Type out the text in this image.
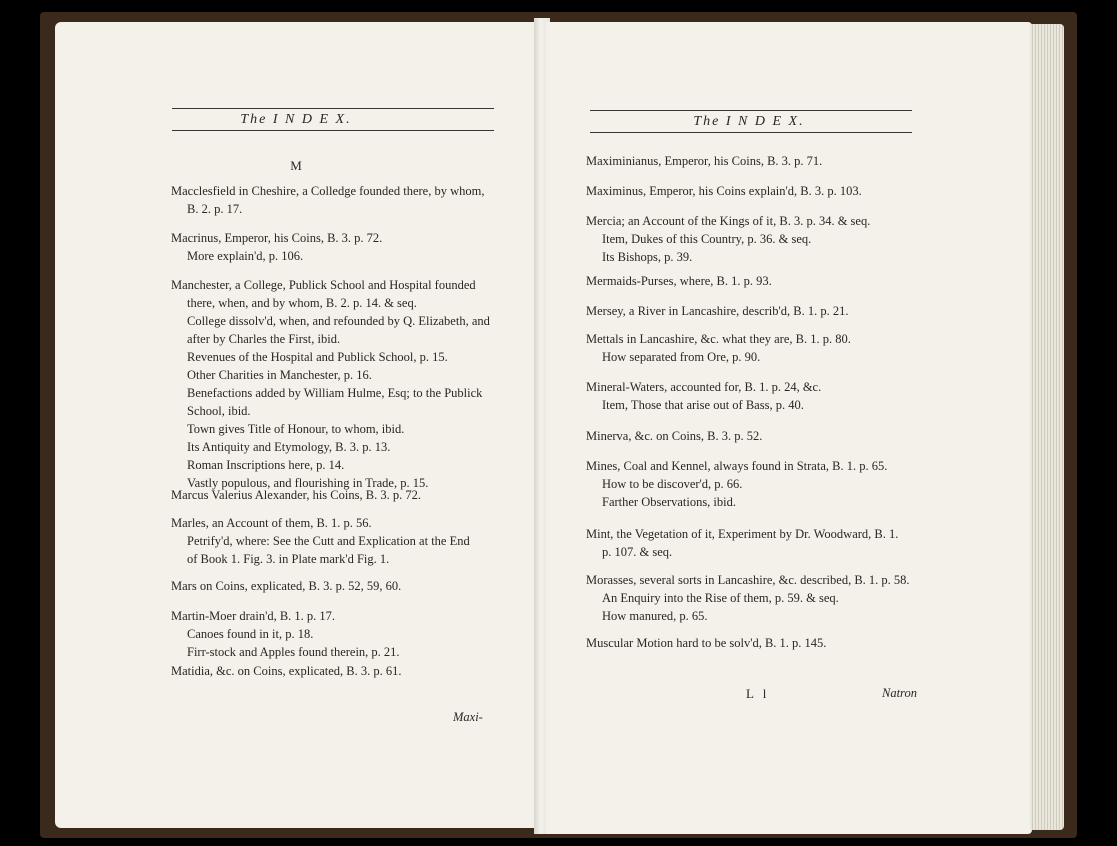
The I N D E X.
M
Macclesfield in Cheshire, a Colledge founded there, by whom,
B. 2. p. 17.
Macrinus, Emperor, his Coins, B. 3. p. 72.
More explain'd, p. 106.
Manchester, a College, Publick School and Hospital founded
there, when, and by whom, B. 2. p. 14. & seq.
College dissolv'd, when, and refounded by Q. Elizabeth, and
after by Charles the First, ibid.
Revenues of the Hospital and Publick School, p. 15.
Other Charities in Manchester, p. 16.
Benefactions added by William Hulme, Esq; to the Publick
School, ibid.
Town gives Title of Honour, to whom, ibid.
Its Antiquity and Etymology, B. 3. p. 13.
Roman Inscriptions here, p. 14.
Vastly populous, and flourishing in Trade, p. 15.
Marcus Valerius Alexander, his Coins, B. 3. p. 72.
Marles, an Account of them, B. 1. p. 56.
Petrify'd, where: See the Cutt and Explication at the End
of Book 1. Fig. 3. in Plate mark'd Fig. 1.
Mars on Coins, explicated, B. 3. p. 52, 59, 60.
Martin-Moer drain'd, B. 1. p. 17.
Canoes found in it, p. 18.
Firr-stock and Apples found therein, p. 21.
Matidia, &c. on Coins, explicated, B. 3. p. 61.
Maxi-
The I N D E X.
Maximinianus, Emperor, his Coins, B. 3. p. 71.
Maximinus, Emperor, his Coins explain'd, B. 3. p. 103.
Mercia; an Account of the Kings of it, B. 3. p. 34. & seq.
Item, Dukes of this Country, p. 36. & seq.
Its Bishops, p. 39.
Mermaids-Purses, where, B. 1. p. 93.
Mersey, a River in Lancashire, describ'd, B. 1. p. 21.
Mettals in Lancashire, &c. what they are, B. 1. p. 80.
How separated from Ore, p. 90.
Mineral-Waters, accounted for, B. 1. p. 24, &c.
Item, Those that arise out of Bass, p. 40.
Minerva, &c. on Coins, B. 3. p. 52.
Mines, Coal and Kennel, always found in Strata, B. 1. p. 65.
How to be discover'd, p. 66.
Farther Observations, ibid.
Mint, the Vegetation of it, Experiment by Dr. Woodward, B. 1.
p. 107. & seq.
Morasses, several sorts in Lancashire, &c. described, B. 1. p. 58.
An Enquiry into the Rise of them, p. 59. & seq.
How manured, p. 65.
Muscular Motion hard to be solv'd, B. 1. p. 145.
L l	Natron
